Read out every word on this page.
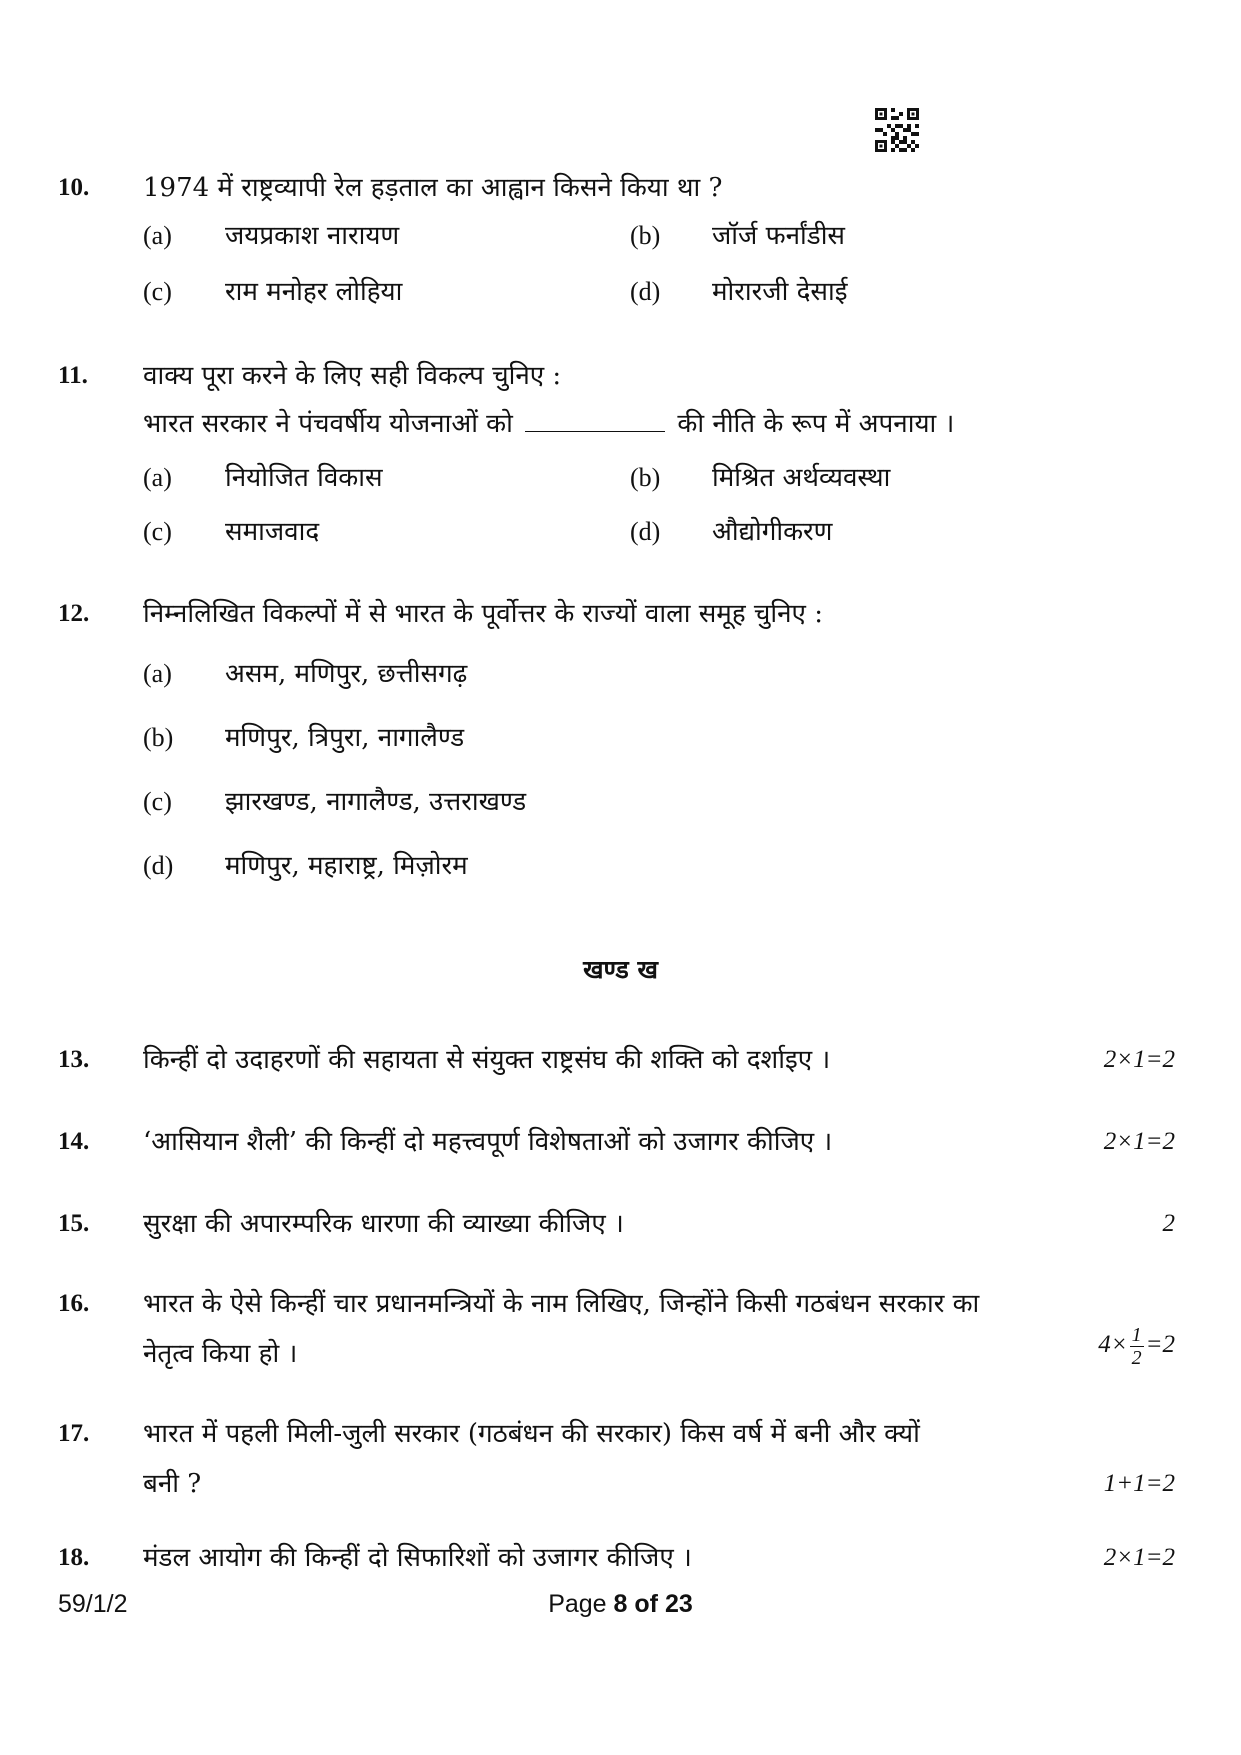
10. 1974 में राष्ट्रव्यापी रेल हड़ताल का आह्वान किसने किया था ?
(a) जयप्रकाश नारायण	(b) जॉर्ज फर्नांडीस
(c) राम मनोहर लोहिया	(d) मोरारजी देसाई
11. वाक्य पूरा करने के लिए सही विकल्प चुनिए :
भारत सरकार ने पंचवर्षीय योजनाओं को	की नीति के रूप में अपनाया ।
(a) नियोजित विकास	(b) मिश्रित अर्थव्यवस्था
(c) समाजवाद	(d) औद्योगीकरण
12. निम्नलिखित विकल्पों में से भारत के पूर्वोत्तर के राज्यों वाला समूह चुनिए :
(a) असम, मणिपुर, छत्तीसगढ़
(b) मणिपुर, त्रिपुरा, नागालैण्ड
(c) झारखण्ड, नागालैण्ड, उत्तराखण्ड
(d) मणिपुर, महाराष्ट्र, मिज़ोरम
खण्ड ख
13. किन्हीं दो उदाहरणों की सहायता से संयुक्त राष्ट्रसंघ की शक्ति को दर्शाइए ।	2×1=2
14. ‘आसियान शैली’ की किन्हीं दो महत्त्वपूर्ण विशेषताओं को उजागर कीजिए ।	2×1=2
15. सुरक्षा की अपारम्परिक धारणा की व्याख्या कीजिए ।	2
16. भारत के ऐसे किन्हीं चार प्रधानमन्त्रियों के नाम लिखिए, जिन्होंने किसी गठबंधन सरकार का
नेतृत्व किया हो ।	$4\times \frac{1}{2} =2$
17. भारत में पहली मिली-जुली सरकार (गठबंधन की सरकार) किस वर्ष में बनी और क्यों
बनी ?	1+1=2
18. मंडल आयोग की किन्हीं दो सिफारिशों को उजागर कीजिए ।	2×1=2
59/1/2	Page 8 of 23
